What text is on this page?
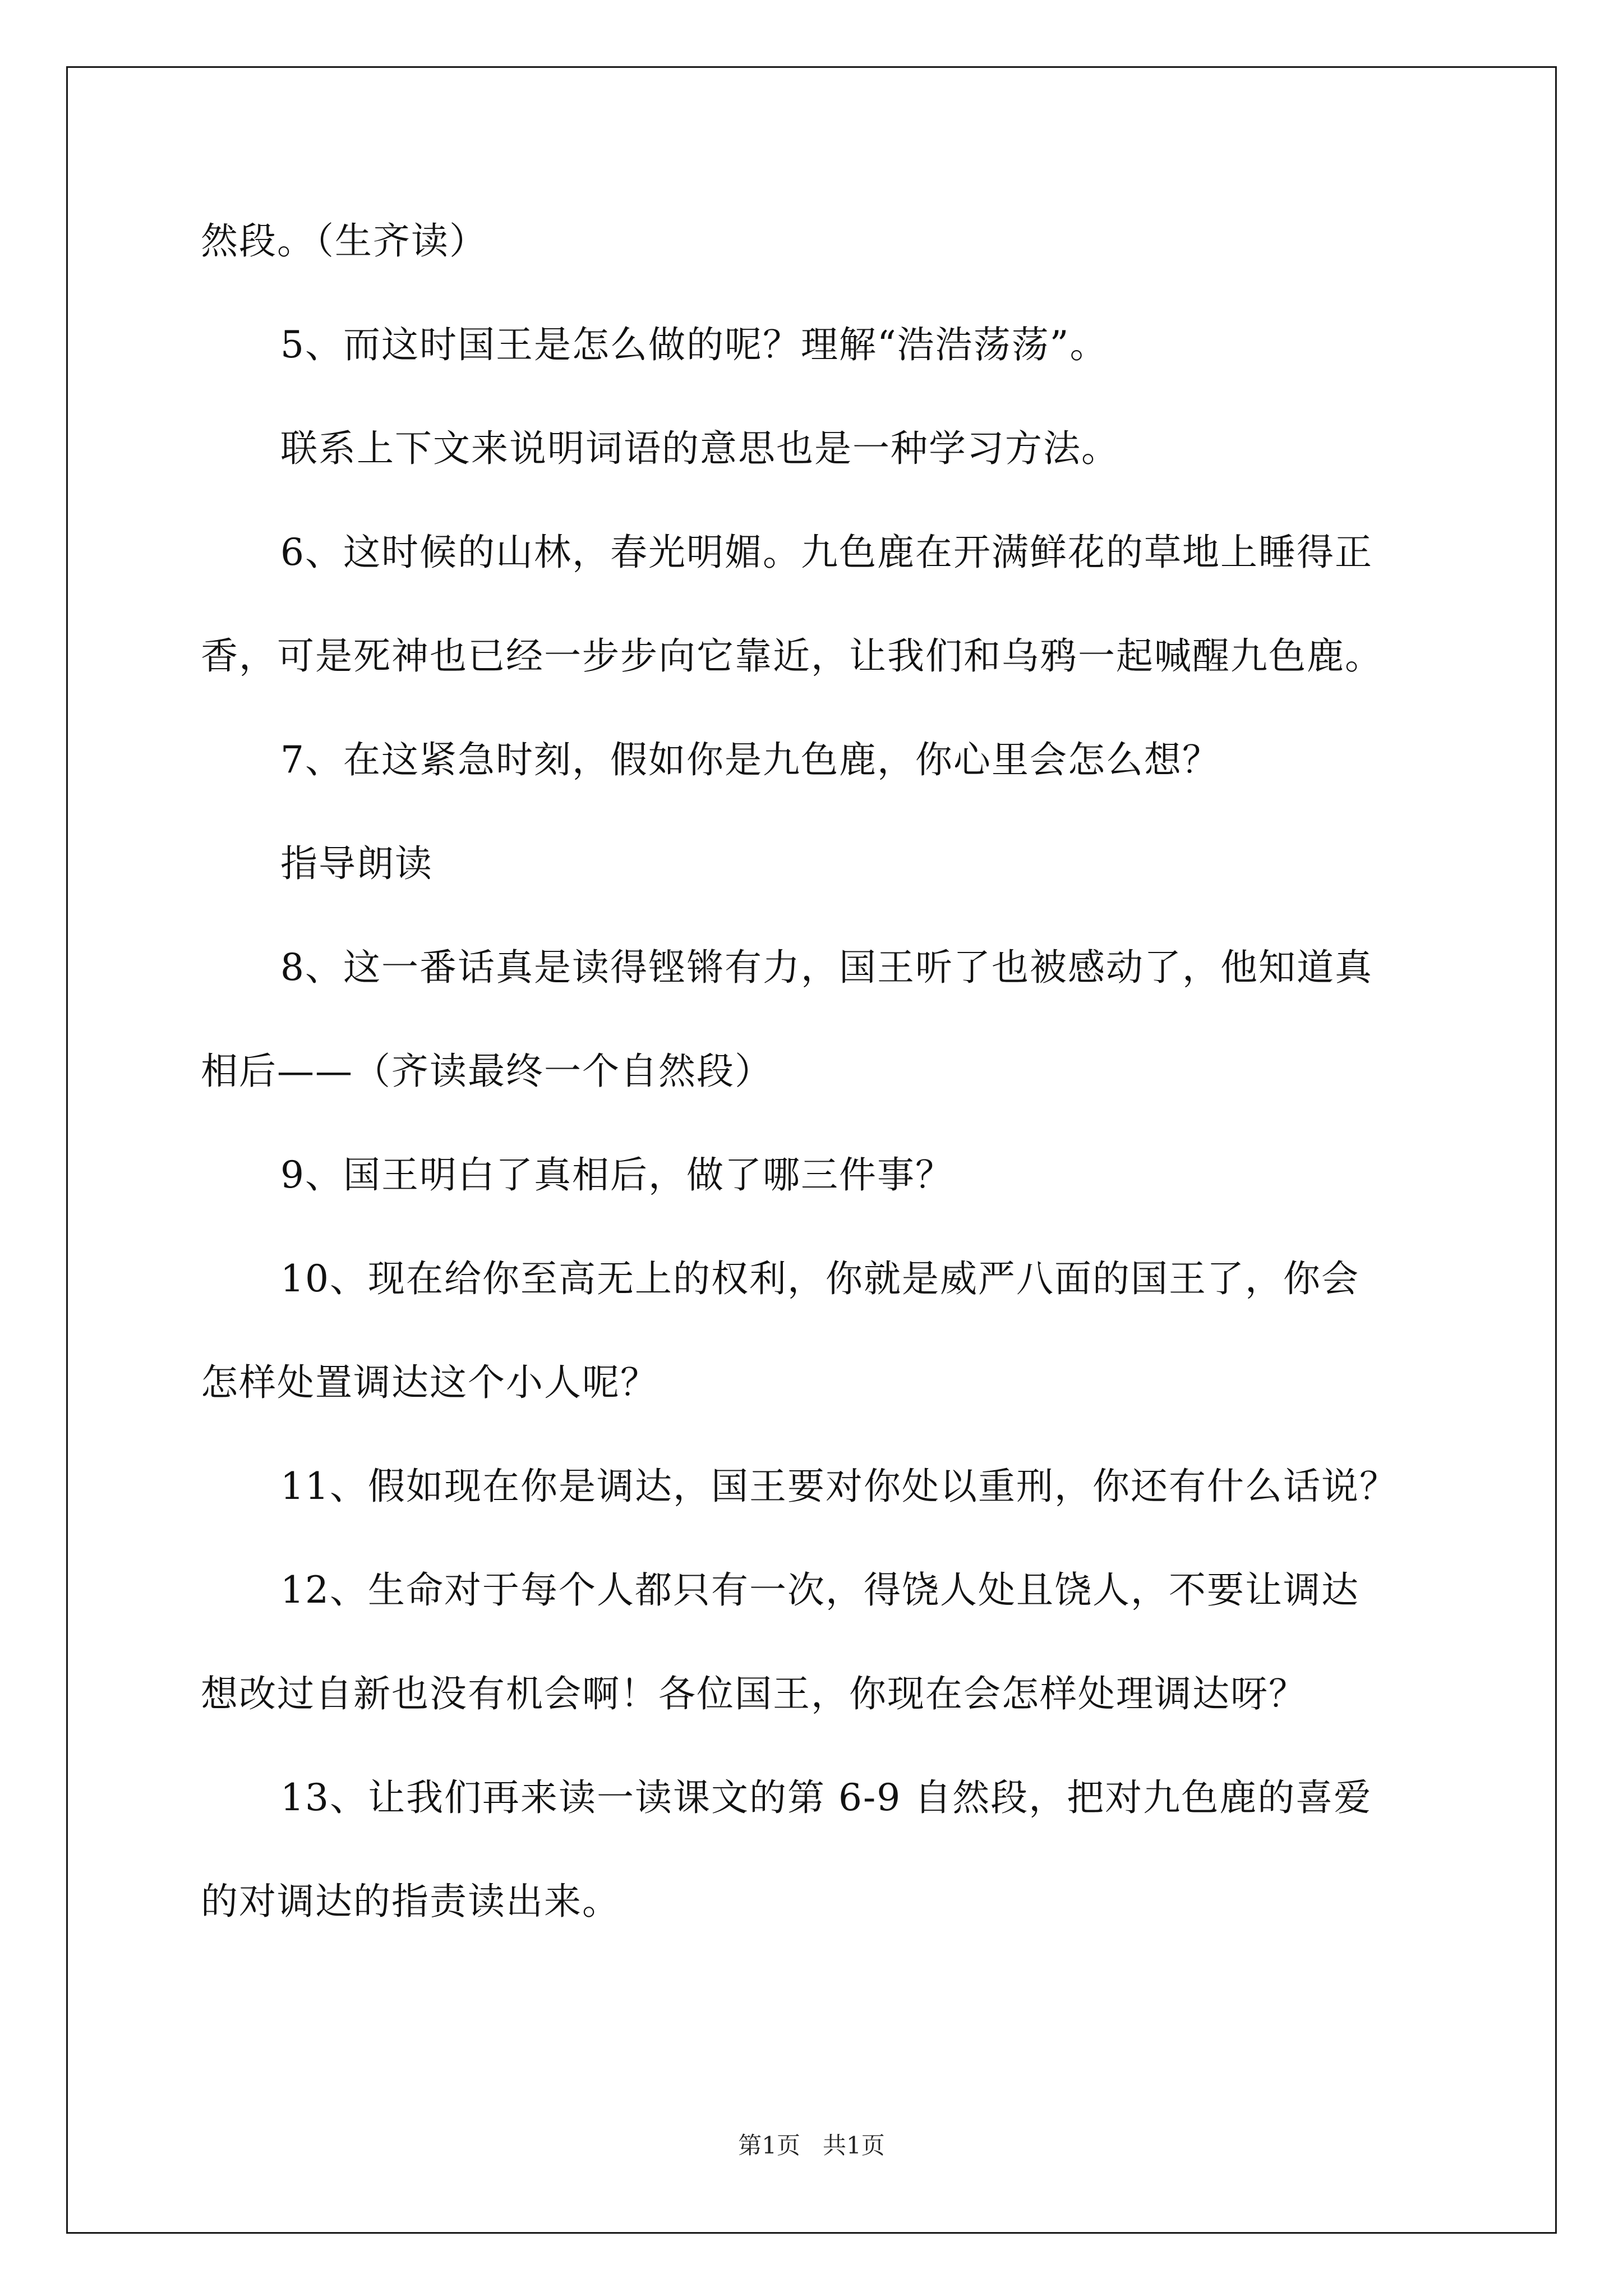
然段。（生齐读）
5、而这时国王是怎么做的呢？理解“浩浩荡荡”。
联系上下文来说明词语的意思也是一种学习方法。
6、这时候的山林，春光明媚。九色鹿在开满鲜花的草地上睡得正
香，可是死神也已经一步步向它靠近，让我们和乌鸦一起喊醒九色鹿。
7、在这紧急时刻，假如你是九色鹿，你心里会怎么想？
指导朗读
8、这一番话真是读得铿锵有力，国王听了也被感动了，他知道真
相后——（齐读最终一个自然段）
9、国王明白了真相后，做了哪三件事？
10、现在给你至高无上的权利，你就是威严八面的国王了，你会
怎样处置调达这个小人呢？
11、假如现在你是调达，国王要对你处以重刑，你还有什么话说？
12、生命对于每个人都只有一次，得饶人处且饶人，不要让调达
想改过自新也没有机会啊！各位国王，你现在会怎样处理调达呀？
13、让我们再来读一读课文的第 6-9 自然段，把对九色鹿的喜爱
的对调达的指责读出来。
第1页   共1页
